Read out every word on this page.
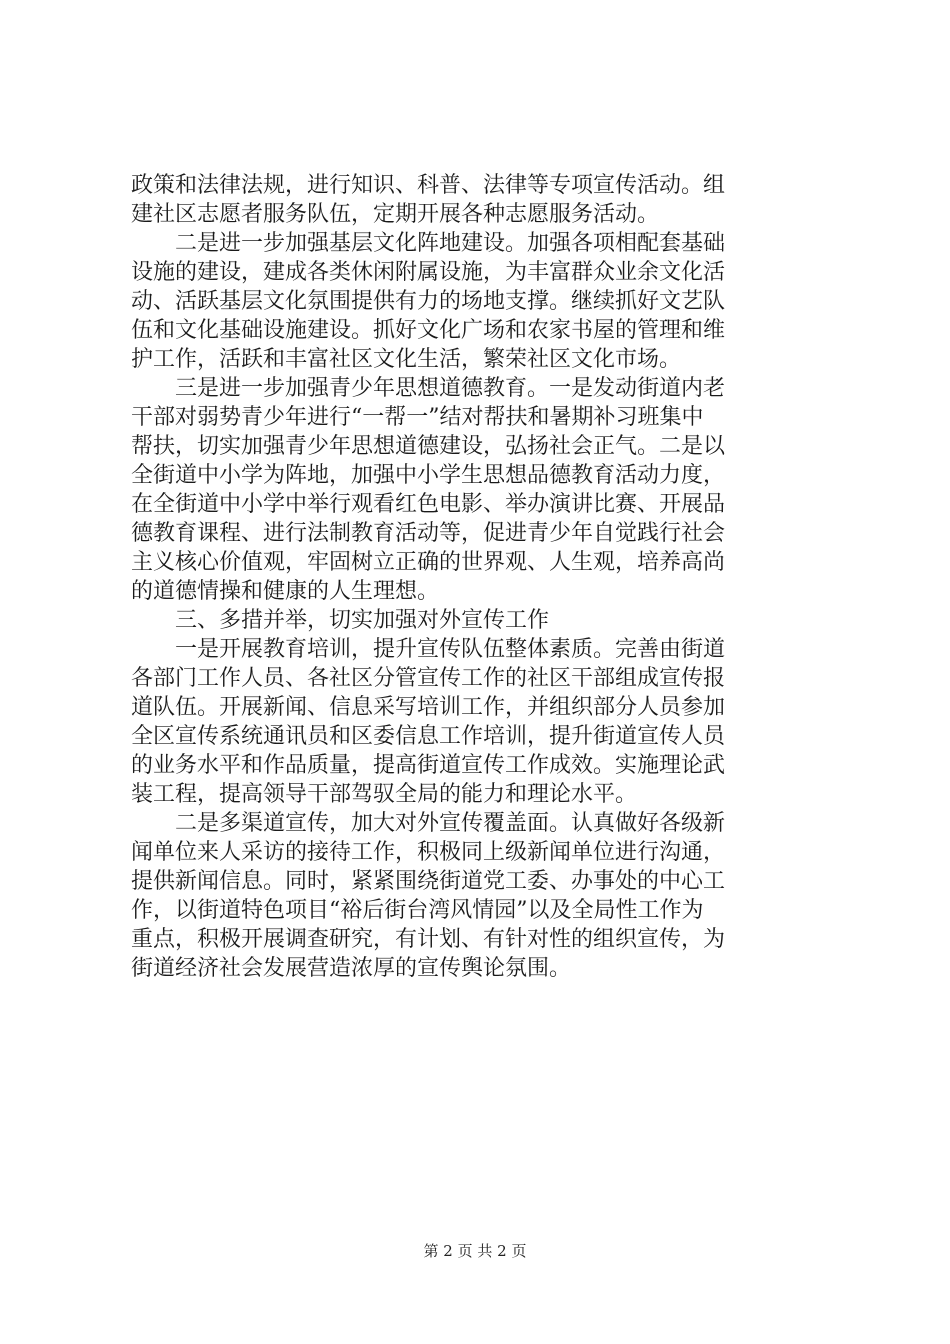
政策和法律法规，进行知识、科普、法律等专项宣传活动。组
建社区志愿者服务队伍，定期开展各种志愿服务活动。
　　二是进一步加强基层文化阵地建设。加强各项相配套基础
设施的建设，建成各类休闲附属设施，为丰富群众业余文化活
动、活跃基层文化氛围提供有力的场地支撑。继续抓好文艺队
伍和文化基础设施建设。抓好文化广场和农家书屋的管理和维
护工作，活跃和丰富社区文化生活，繁荣社区文化市场。
　　三是进一步加强青少年思想道德教育。一是发动街道内老
干部对弱势青少年进行“一帮一”结对帮扶和暑期补习班集中
帮扶，切实加强青少年思想道德建设，弘扬社会正气。二是以
全街道中小学为阵地，加强中小学生思想品德教育活动力度，
在全街道中小学中举行观看红色电影、举办演讲比赛、开展品
德教育课程、进行法制教育活动等，促进青少年自觉践行社会
主义核心价值观，牢固树立正确的世界观、人生观，培养高尚
的道德情操和健康的人生理想。
　　三、多措并举，切实加强对外宣传工作
　　一是开展教育培训，提升宣传队伍整体素质。完善由街道
各部门工作人员、各社区分管宣传工作的社区干部组成宣传报
道队伍。开展新闻、信息采写培训工作，并组织部分人员参加
全区宣传系统通讯员和区委信息工作培训，提升街道宣传人员
的业务水平和作品质量，提高街道宣传工作成效。实施理论武
装工程，提高领导干部驾驭全局的能力和理论水平。
　　二是多渠道宣传，加大对外宣传覆盖面。认真做好各级新
闻单位来人采访的接待工作，积极同上级新闻单位进行沟通，
提供新闻信息。同时，紧紧围绕街道党工委、办事处的中心工
作，以街道特色项目“裕后街台湾风情园”以及全局性工作为
重点，积极开展调查研究，有计划、有针对性的组织宣传，为
街道经济社会发展营造浓厚的宣传舆论氛围。
第 2 页 共 2 页
